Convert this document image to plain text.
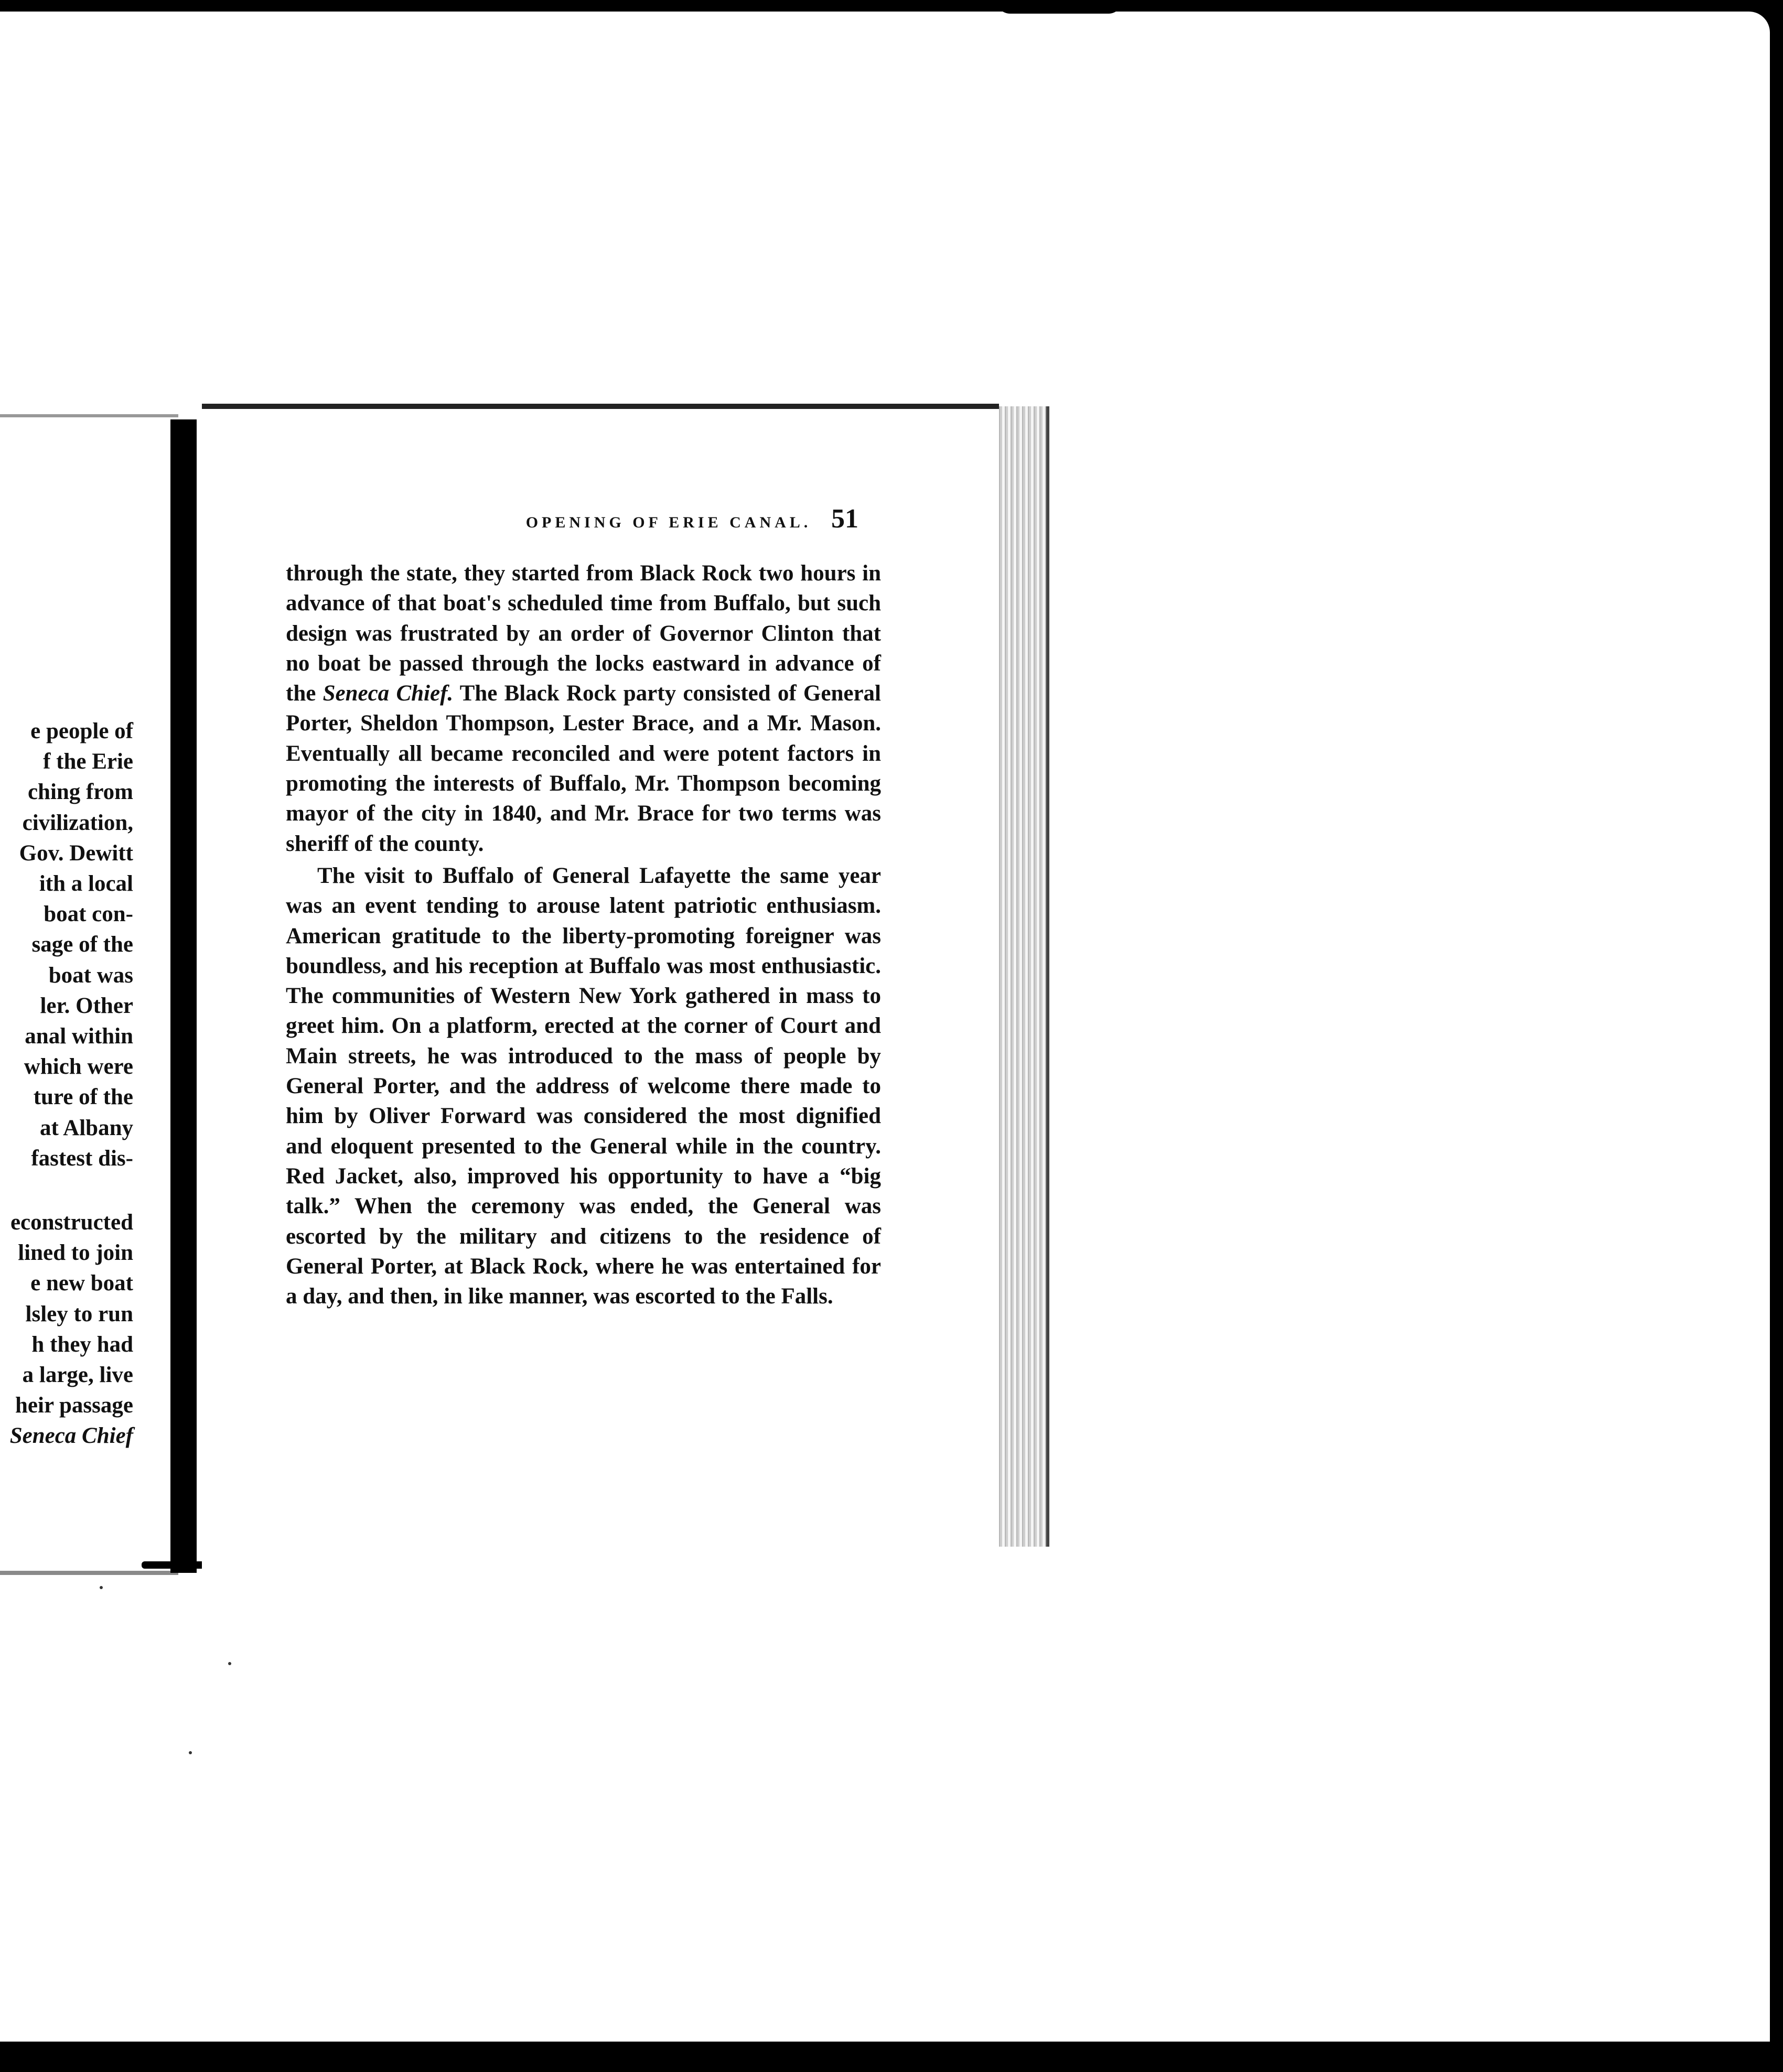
e people of
f the Erie
ching from
civilization,
Gov. Dewitt
ith a local
boat con-
sage of the
boat was
ler. Other
anal within
which were
ture of the
at Albany
fastest dis-
econstructed
lined to join
e new boat
lsley to run
h they had
a large, live
heir passage
Seneca Chief
OPENING OF ERIE CANAL. 51

through the state, they started from Black Rock two hours in advance of that boat's scheduled time from Buffalo, but such design was frustrated by an order of Governor Clinton that no boat be passed through the locks eastward in advance of the Seneca Chief. The Black Rock party consisted of General Porter, Sheldon Thompson, Lester Brace, and a Mr. Mason. Eventually all became reconciled and were potent factors in promoting the interests of Buffalo, Mr. Thompson becoming mayor of the city in 1840, and Mr. Brace for two terms was sheriff of the county.

The visit to Buffalo of General Lafayette the same year was an event tending to arouse latent patriotic enthusiasm. American gratitude to the liberty-promoting foreigner was boundless, and his reception at Buffalo was most enthusiastic. The communities of Western New York gathered in mass to greet him. On a platform, erected at the corner of Court and Main streets, he was introduced to the mass of people by General Porter, and the address of welcome there made to him by Oliver Forward was considered the most dignified and eloquent presented to the General while in the country. Red Jacket, also, improved his opportunity to have a “big talk.” When the ceremony was ended, the General was escorted by the military and citizens to the residence of General Porter, at Black Rock, where he was entertained for a day, and then, in like manner, was escorted to the Falls.
